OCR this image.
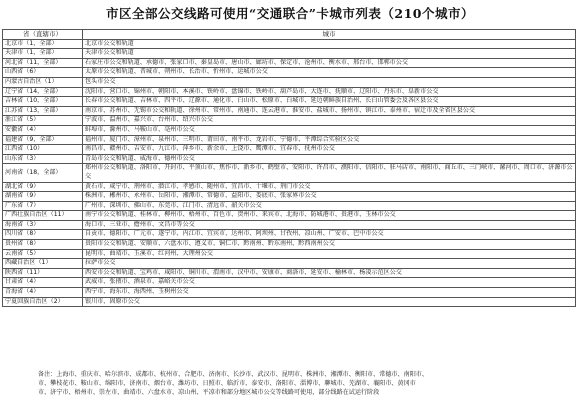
市区全部公交线路可使用“交通联合”卡城市列表（210个城市）
省（直辖市）	城市
北京市（1，全部）	北京市公交和轨道
天津市（1，全部）	天津市公交和轨道
河北省（11，全部）	石家庄市公交和轨道、承德市、张家口市、秦皇岛市、唐山市、廊坊市、保定市、沧州市、衡水市、邢台市、邯郸市公交
山西省（6）	太原市公交和轨道、晋城市、朔州市、长治市、忻州市、运城市公交
内蒙古自治区（1）	包头市公交
辽宁省（14，全部）	沈阳市、营口市、锦州市、朝阳市、本溪市、铁岭市、盘锦市、铁岭市、葫芦岛市、大连市、抚顺市、辽阳市、丹东市、阜新市公交
吉林省（10，全部）	长春市公交和轨道、吉林市、四平市、辽源市、通化市、白山市、松原市、白城市、延边朝鲜族自治州、长白山管委会及各区县公交
江苏省（13，全部）	南京市、苏州市、无锡市公交和轨道、徐州市、常州市、南通市、连云港市、淮安市、盐城市、扬州市、镇江市、泰州市、宿迁市及全省区县公交
浙江省（5）	宁波市、温州市、嘉兴市、台州市、绍兴市公交
安徽省（4）	蚌埠市、滁州市、马鞍山市、亳州市公交
福建省（9，全部）	福州市、厦门市、漳州市、泉州市、三明市、莆田市、南平市、龙岩市、宁德市、平潭综合实验区公交
江西省（10）	南昌市、赣州市、吉安市、九江市、萍乡市、新余市、上饶市、鹰潭市、宜春市、抚州市公交
山东省（3）	青岛市公交和轨道、威海市、德州市公交
河南省（18，全部）	郑州市公交和轨道、洛阳市、开封市、平顶山市、焦作市、新乡市、鹤壁市、安阳市、许昌市、濮阳市、信阳市、驻马店市、南阳市、商丘市、三门峡市、漯河市、周口市、济源市公交
湖北省（9）	黄石市、咸宁市、荆州市、潜江市、孝感市、随州市、宜昌市、十堰市、荆门市公交
湖南省（9）	株洲市、郴州市、永州市、岳阳市、湘潭市、常德市、益阳市、娄底市、张家界市公交
广东省（7）	广州市、深圳市、佛山市、东莞市、江门市、清远市、韶关市公交
广西壮族自治区（11）	南宁市公交和轨道、桂林市、柳州市、梧州市、百色市、贺州市、来宾市、北海市、防城港市、贵港市、玉林市公交
海南省（3）	海口市、三亚市、儋州市、文昌市等公交
四川省（8）	自贡市、德阳市、广元市、遂宁市、内江市、宜宾市、达州市、阿坝州、甘孜州、凉山州、广安市、巴中市公交
贵州省（8）	贵阳市公交和轨道、安顺市、六盘水市、遵义市、铜仁市、黔南州、黔东南州、黔西南州公交
云南省（5）	昆明市、曲靖市、玉溪市、红河州、大理州公交
西藏自治区（1）	拉萨市公交
陕西省（11）	西安市公交和轨道、宝鸡市、咸阳市、铜川市、渭南市、汉中市、安康市、商洛市、延安市、榆林市、杨凌示范区公交
甘肃省（4）	武威市、张掖市、酒泉市、嘉峪关市公交
青海省（4）	西宁市、海东市、海西州、玉树州公交
宁夏回族自治区（2）	银川市、固原市公交
备注：上海市、重庆市、哈尔滨市、成都市、杭州市、合肥市、济南市、长沙市、武汉市、昆明市、株洲市、湘潭市、衡阳市、常德市、南阳市、
市、攀枝花市、鞍山市、绵阳市、济南市、烟台市、潍坊市、日照市、临沂市、泰安市、洛阳市、淄博市、聊城市、芜湖市、襄阳市、黄冈市
市、济宁市、梧州市、崇左市、曲靖市、六盘水市、凉山州、平凉市和部分地区城市公交等线路可使用，部分线路在试运行阶段
